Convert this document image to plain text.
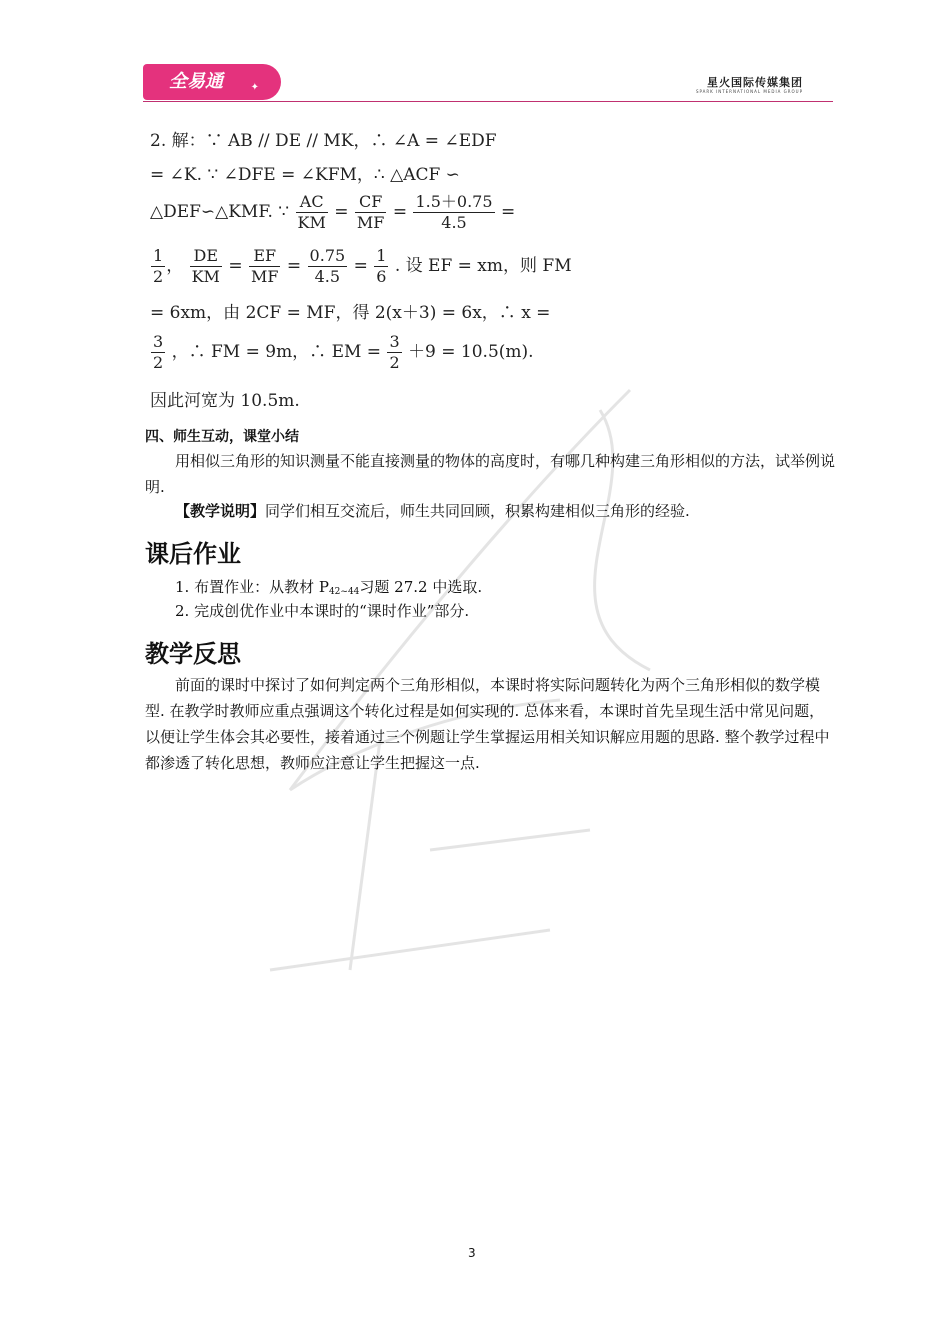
全易通	✦	星火国际传媒集团
SPARK INTERNATIONAL MEDIA GROUP
2. 解：∵ AB // DE // MK，∴ ∠A = ∠EDF
= ∠K. ∵ ∠DFE = ∠KFM，∴ △ACF ∽
△DEF∽△KMF. ∵ $\frac{AC}{KM} = \frac{CF}{MF} = \frac{1.5+0.75}{4.5}$ =
$\frac{1}{2}$ ， $\frac{DE}{KM} = \frac{EF}{MF} = \frac{0.75}{4.5} = \frac{1}{6}$ . 设 EF = xm，则 FM
= 6xm，由 2CF = MF，得 2(x＋3) = 6x，∴ x =
$\frac{3}{2}$ ，∴ FM = 9m，∴ EM = $\frac{3}{2} +9 = 10.5(m)$.
因此河宽为 10.5m.
四、师生互动，课堂小结
用相似三角形的知识测量不能直接测量的物体的高度时，有哪几种构建三角形相似的方法，试举例说明.
【教学说明】同学们相互交流后，师生共同回顾，积累构建相似三角形的经验.
课后作业
1. 布置作业：从教材 $P_{42\sim 44}$习题 27.2 中选取.
2. 完成创优作业中本课时的“课时作业”部分.
教学反思
前面的课时中探讨了如何判定两个三角形相似，本课时将实际问题转化为两个三角形相似的数学模型. 在教学时教师应重点强调这个转化过程是如何实现的. 总体来看，本课时首先呈现生活中常见问题，以便让学生体会其必要性，接着通过三个例题让学生掌握运用相关知识解应用题的思路. 整个教学过程中都渗透了转化思想，教师应注意让学生把握这一点.
3
